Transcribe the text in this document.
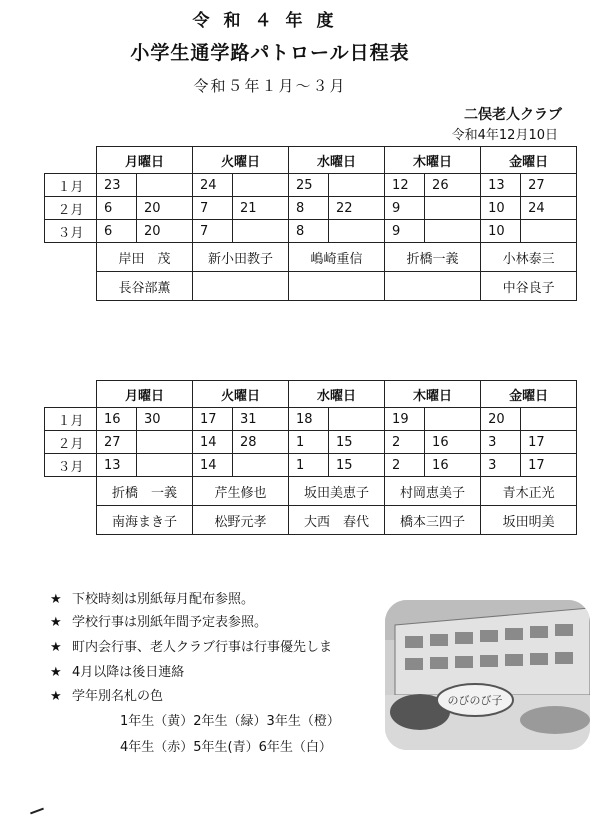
令和４年度
小学生通学路パトロール日程表
令和５年１月～３月
二俣老人クラブ
令和4年12月10日
	月曜日		火曜日		水曜日		木曜日		金曜日	
１月	23		24		25		12	26	13	27
２月	6	20	7	21	8	22	9		10	24
３月	6	20	7		8		9		10	
	岸田　茂		新小田教子		嶋崎重信		折橋一義		小林泰三	
	長谷部薫								中谷良子	
	月曜日		火曜日		水曜日		木曜日		金曜日	
１月	16	30	17	31	18		19		20	
２月	27		14	28	1	15	2	16	3	17
３月	13		14		1	15	2	16	3	17
	折橋　一義		芹生修也		坂田美恵子		村岡恵美子		青木正光	
	南海まき子		松野元孝		大西　春代		橋本三四子		坂田明美	
★ 下校時刻は別紙毎月配布参照。
★ 学校行事は別紙年間予定表参照。
★ 町内会行事、老人クラブ行事は行事優先しま
★ 4月以降は後日連絡
★ 学年別名札の色
1年生（黄）2年生（緑）3年生（橙）
4年生（赤）5年生(青）6年生（白）
のびのび子
